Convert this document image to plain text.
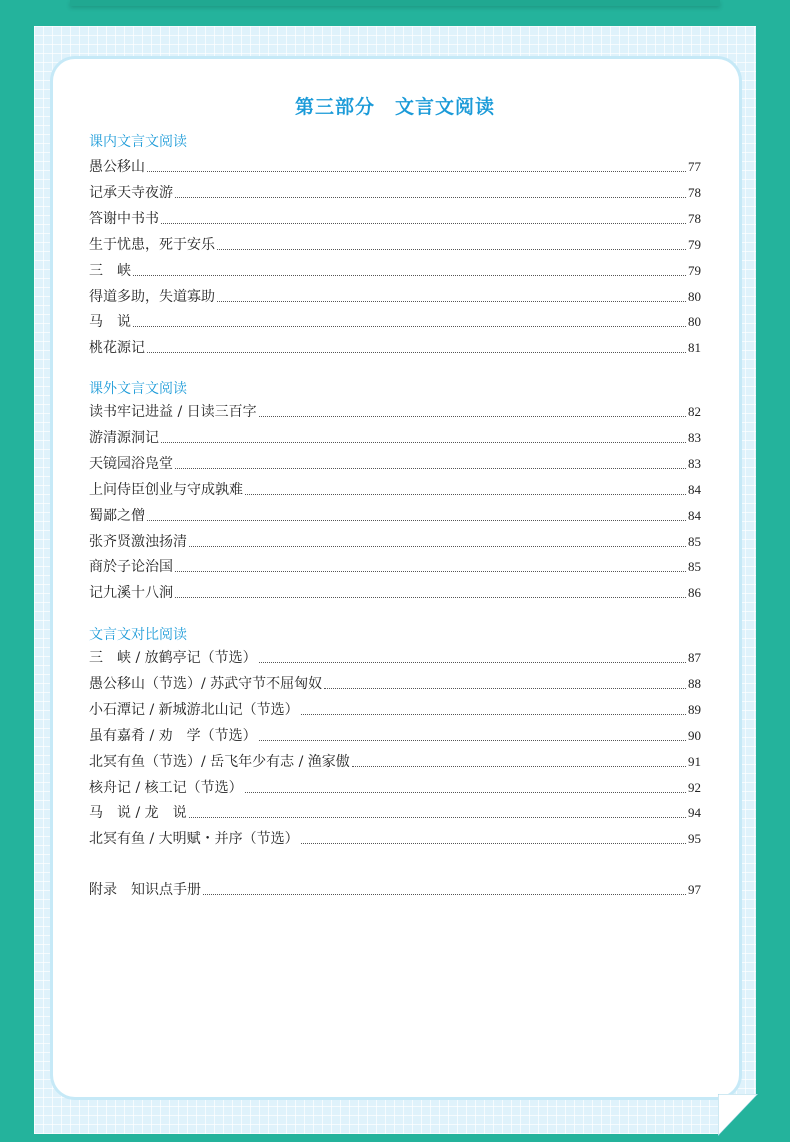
第三部分　文言文阅读
课内文言文阅读
愚公移山	77
记承天寺夜游	78
答谢中书书	78
生于忧患，死于安乐	79
三　峡	79
得道多助，失道寡助	80
马　说	80
桃花源记	81
课外文言文阅读
读书牢记进益 / 日读三百字	82
游清源洞记	83
天镜园浴凫堂	83
上问侍臣创业与守成孰难	84
蜀鄙之僧	84
张齐贤激浊扬清	85
商於子论治国	85
记九溪十八涧	86
文言文对比阅读
三　峡 / 放鹤亭记（节选）	87
愚公移山（节选）/ 苏武守节不屈匈奴	88
小石潭记 / 新城游北山记（节选）	89
虽有嘉肴 / 劝　学（节选）	90
北冥有鱼（节选）/ 岳飞年少有志 / 渔家傲	91
核舟记 / 核工记（节选）	92
马　说 / 龙　说	94
北冥有鱼 / 大明赋・并序（节选）	95
附录　知识点手册	97
